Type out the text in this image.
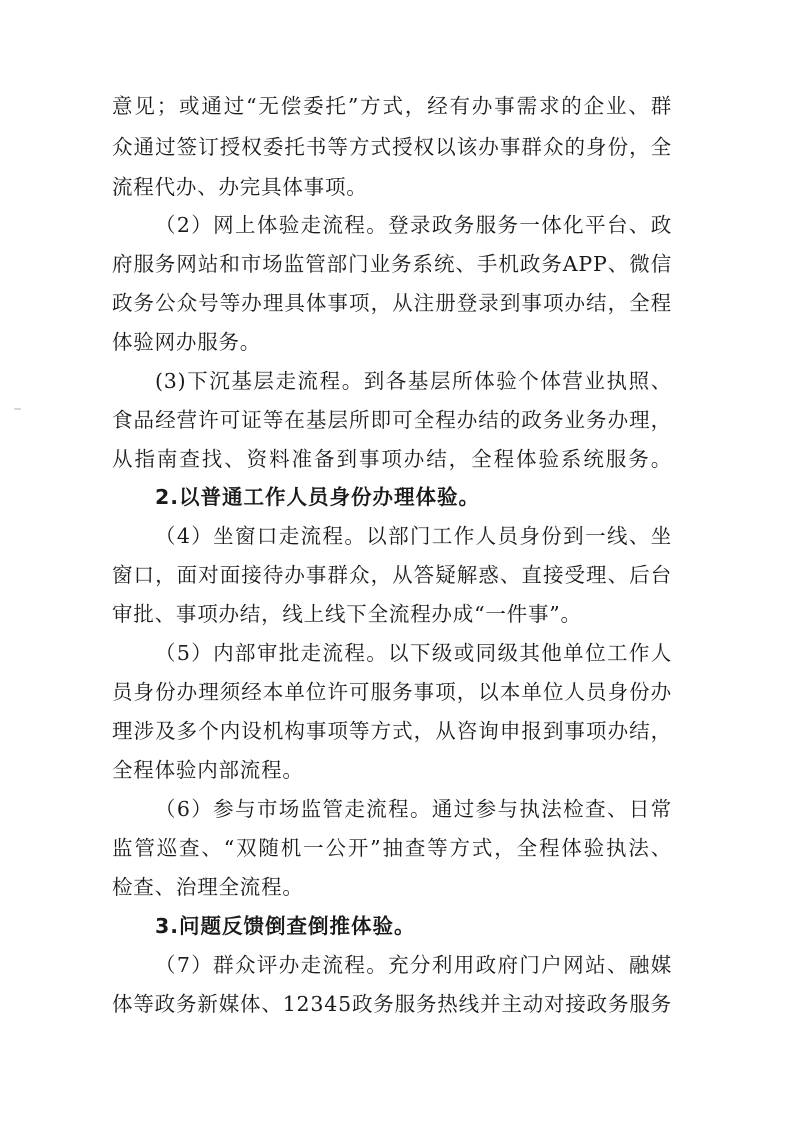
意见；或通过“无偿委托”方式，经有办事需求的企业、群
众通过签订授权委托书等方式授权以该办事群众的身份，全
流程代办、办完具体事项。
（2）网上体验走流程。登录政务服务一体化平台、政
府服务网站和市场监管部门业务系统、手机政务APP、微信
政务公众号等办理具体事项，从注册登录到事项办结，全程
体验网办服务。
(3)下沉基层走流程。到各基层所体验个体营业执照、
食品经营许可证等在基层所即可全程办结的政务业务办理，
从指南查找、资料准备到事项办结，全程体验系统服务。
2.以普通工作人员身份办理体验。
（4）坐窗口走流程。以部门工作人员身份到一线、坐
窗口，面对面接待办事群众，从答疑解惑、直接受理、后台
审批、事项办结，线上线下全流程办成“一件事”。
（5）内部审批走流程。以下级或同级其他单位工作人
员身份办理须经本单位许可服务事项，以本单位人员身份办
理涉及多个内设机构事项等方式，从咨询申报到事项办结，
全程体验内部流程。
（6）参与市场监管走流程。通过参与执法检查、日常
监管巡查、“双随机一公开”抽查等方式，全程体验执法、
检查、治理全流程。
3.问题反馈倒查倒推体验。
（7）群众评办走流程。充分利用政府门户网站、融媒
体等政务新媒体、12345政务服务热线并主动对接政务服务
